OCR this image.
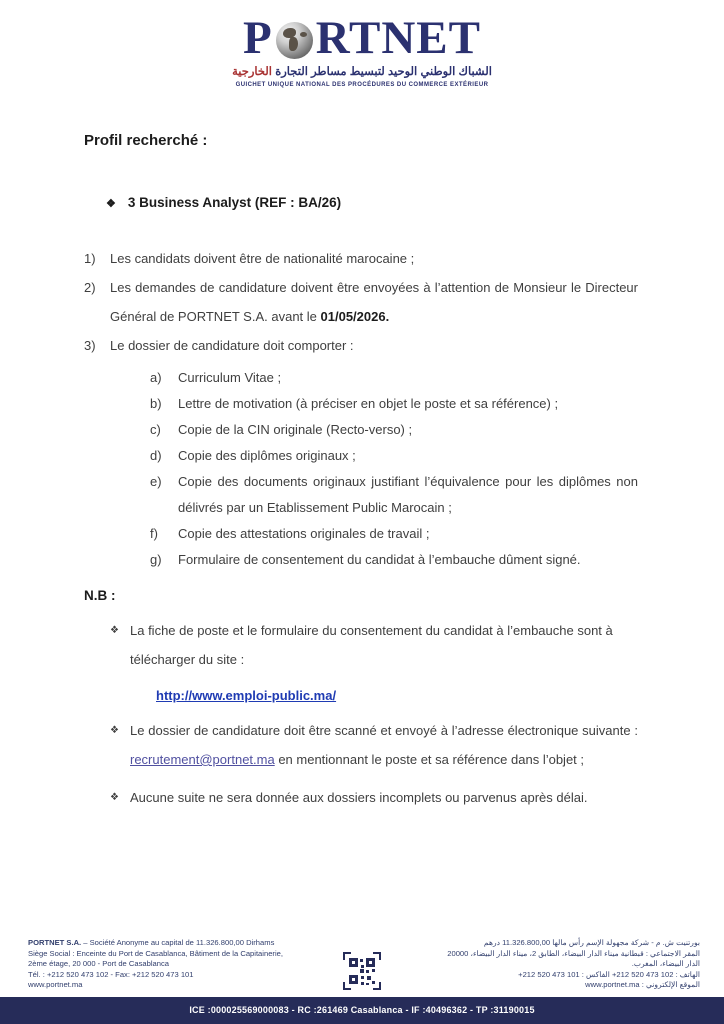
P RTNET
الشباك الوطني الوحيد لتبسيط مساطر التجارة الخارجية
GUICHET UNIQUE NATIONAL DES PROCÉDURES DU COMMERCE EXTÉRIEUR
Profil recherché :
❖ 3 Business Analyst (REF : BA/26)
1)	Les candidats doivent être de nationalité marocaine ;
2)	Les demandes de candidature doivent être envoyées à l’attention de Monsieur le Directeur Général de PORTNET S.A. avant le 01/05/2026.
3)	Le dossier de candidature doit comporter :
a)	Curriculum Vitae ;
b)	Lettre de motivation (à préciser en objet le poste et sa référence) ;
c)	Copie de la CIN originale (Recto-verso) ;
d)	Copie des diplômes originaux ;
e)	Copie des documents originaux justifiant l’équivalence pour les diplômes non délivrés par un Etablissement Public Marocain ;
f)	Copie des attestations originales de travail ;
g)	Formulaire de consentement du candidat à l’embauche dûment signé.
N.B :
❖ La fiche de poste et le formulaire du consentement du candidat à l’embauche sont à télécharger du site :
http://www.emploi-public.ma/
❖ Le dossier de candidature doit être scanné et envoyé à l’adresse électronique suivante : recrutement@portnet.ma en mentionnant le poste et sa référence dans l’objet ;
❖ Aucune suite ne sera donnée aux dossiers incomplets ou parvenus après délai.
PORTNET S.A. – Société Anonyme au capital de 11.326.800,00 Dirhams
Siège Social : Enceinte du Port de Casablanca, Bâtiment de la Capitainerie,
2ème étage, 20 000 - Port de Casablanca
Tél. : +212 520 473 102 - Fax: +212 520 473 101
www.portnet.ma
بورتنيت ش. م - شركة مجهولة الإسم رأس مالها 11.326.800,00 درهم
المقر الاجتماعي : قبطانية ميناء الدار البيضاء، الطابق 2، ميناء الدار البيضاء، 20000
الدار البيضاء، المغرب.
الهاتف : 102 473 520 212+ الفاكس : 101 473 520 212+
الموقع الإلكتروني : www.portnet.ma
ICE :000025569000083 - RC :261469 Casablanca - IF :40496362 - TP :31190015
